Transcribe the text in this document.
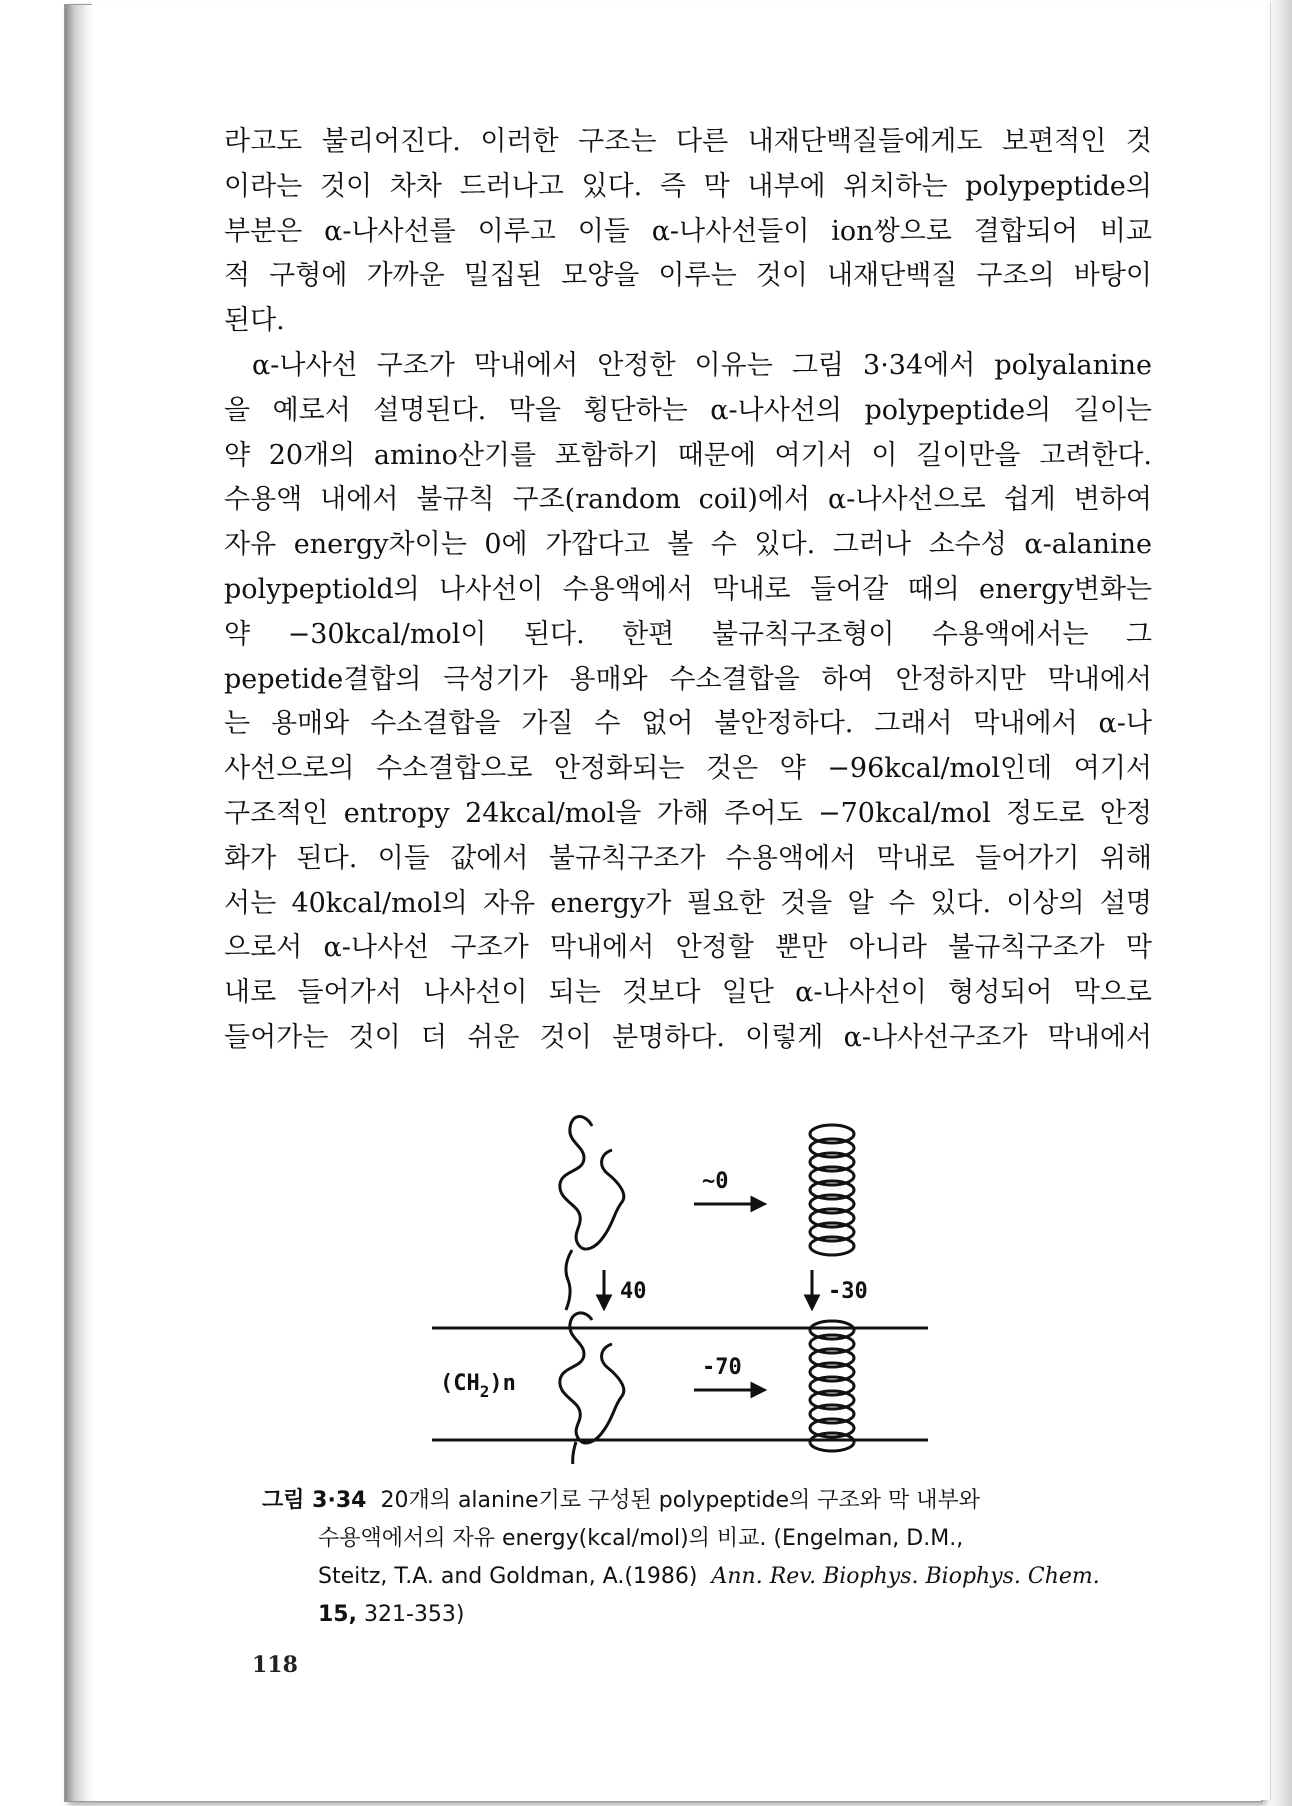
라고도 불리어진다. 이러한 구조는 다른 내재단백질들에게도 보편적인 것
이라는 것이 차차 드러나고 있다. 즉 막 내부에 위치하는 polypeptide의
부분은 α-나사선를 이루고 이들 α-나사선들이 ion쌍으로 결합되어 비교
적 구형에 가까운 밀집된 모양을 이루는 것이 내재단백질 구조의 바탕이
된다.
α-나사선 구조가 막내에서 안정한 이유는 그림 3·34에서 polyalanine
을 예로서 설명된다. 막을 횡단하는 α-나사선의 polypeptide의 길이는
약 20개의 amino산기를 포함하기 때문에 여기서 이 길이만을 고려한다.
수용액 내에서 불규칙 구조(random coil)에서 α-나사선으로 쉽게 변하여
자유 energy차이는 0에 가깝다고 볼 수 있다. 그러나 소수성 α-alanine
polypeptiold의 나사선이 수용액에서 막내로 들어갈 때의 energy변화는
약 −30kcal/mol이 된다. 한편 불규칙구조형이 수용액에서는 그
pepetide결합의 극성기가 용매와 수소결합을 하여 안정하지만 막내에서
는 용매와 수소결합을 가질 수 없어 불안정하다. 그래서 막내에서 α-나
사선으로의 수소결합으로 안정화되는 것은 약 −96kcal/mol인데 여기서
구조적인 entropy 24kcal/mol을 가해 주어도 −70kcal/mol 정도로 안정
화가 된다. 이들 값에서 불규칙구조가 수용액에서 막내로 들어가기 위해
서는 40kcal/mol의 자유 energy가 필요한 것을 알 수 있다. 이상의 설명
으로서 α-나사선 구조가 막내에서 안정할 뿐만 아니라 불규칙구조가 막
내로 들어가서 나사선이 되는 것보다 일단 α-나사선이 형성되어 막으로
들어가는 것이 더 쉬운 것이 분명하다. 이렇게 α-나사선구조가 막내에서
~0
40	-30
-70
$(CH_2)n$
그림 3·34 20개의 alanine기로 구성된 polypeptide의 구조와 막 내부와
수용액에서의 자유 energy(kcal/mol)의 비교. (Engelman, D.M.,
Steitz, T.A. and Goldman, A.(1986) Ann. Rev. Biophys. Biophys. Chem.
15, 321-353)
118
